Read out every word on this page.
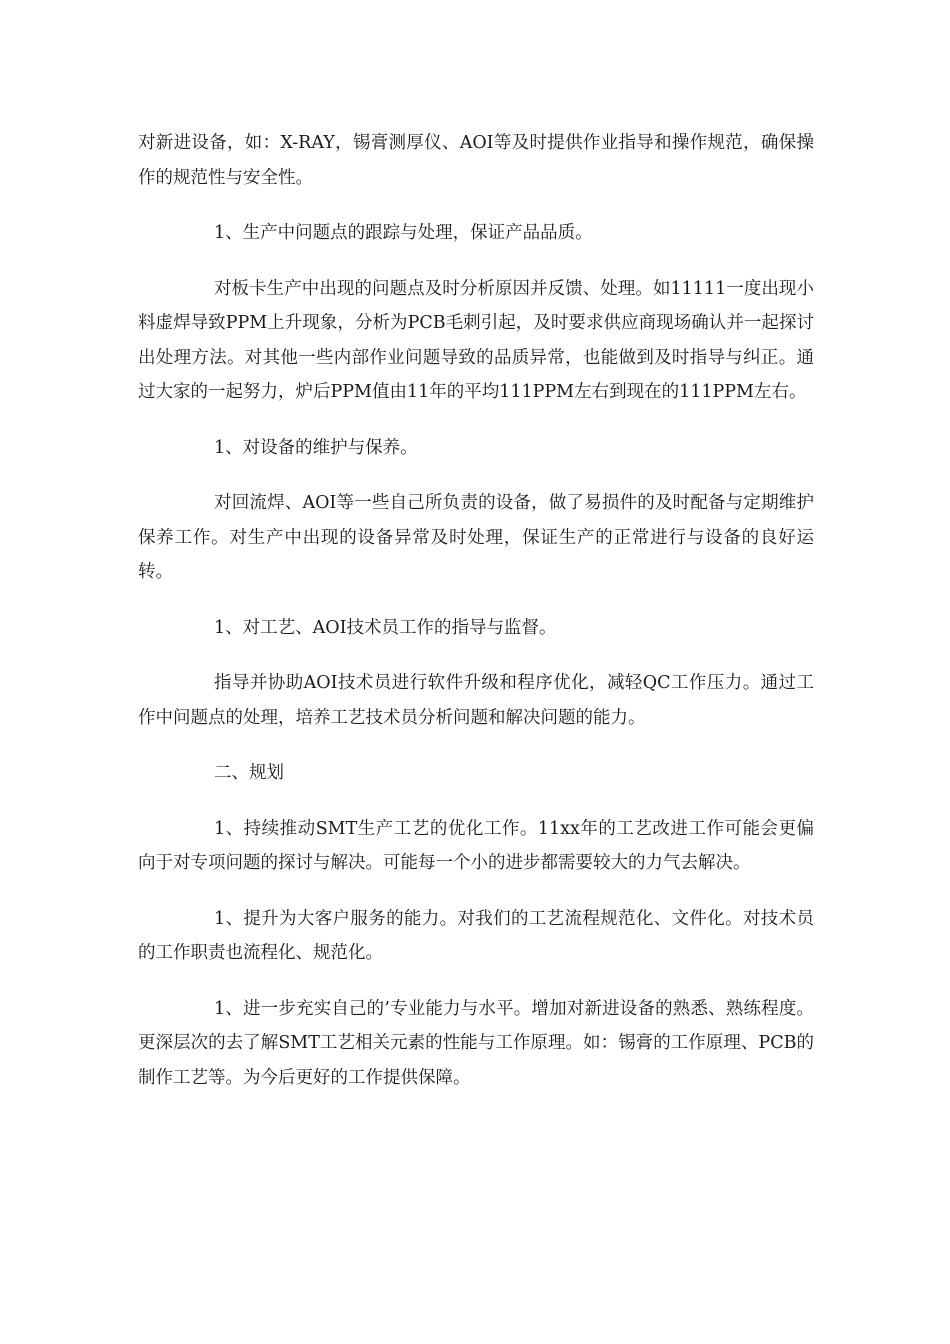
对新进设备，如：X-RAY，锡膏测厚仪、AOI等及时提供作业指导和操作规范，确保操作的规范性与安全性。

1、生产中问题点的跟踪与处理，保证产品品质。

对板卡生产中出现的问题点及时分析原因并反馈、处理。如11111一度出现小料虚焊导致PPM上升现象，分析为PCB毛刺引起，及时要求供应商现场确认并一起探讨出处理方法。对其他一些内部作业问题导致的品质异常，也能做到及时指导与纠正。通过大家的一起努力，炉后PPM值由11年的平均111PPM左右到现在的111PPM左右。

1、对设备的维护与保养。

对回流焊、AOI等一些自己所负责的设备，做了易损件的及时配备与定期维护保养工作。对生产中出现的设备异常及时处理，保证生产的正常进行与设备的良好运转。

1、对工艺、AOI技术员工作的指导与监督。

指导并协助AOI技术员进行软件升级和程序优化，减轻QC工作压力。通过工作中问题点的处理，培养工艺技术员分析问题和解决问题的能力。

二、规划

1、持续推动SMT生产工艺的优化工作。11xx年的工艺改进工作可能会更偏向于对专项问题的探讨与解决。可能每一个小的进步都需要较大的力气去解决。

1、提升为大客户服务的能力。对我们的工艺流程规范化、文件化。对技术员的工作职责也流程化、规范化。

1、进一步充实自己的’专业能力与水平。增加对新进设备的熟悉、熟练程度。更深层次的去了解SMT工艺相关元素的性能与工作原理。如：锡膏的工作原理、PCB的制作工艺等。为今后更好的工作提供保障。
